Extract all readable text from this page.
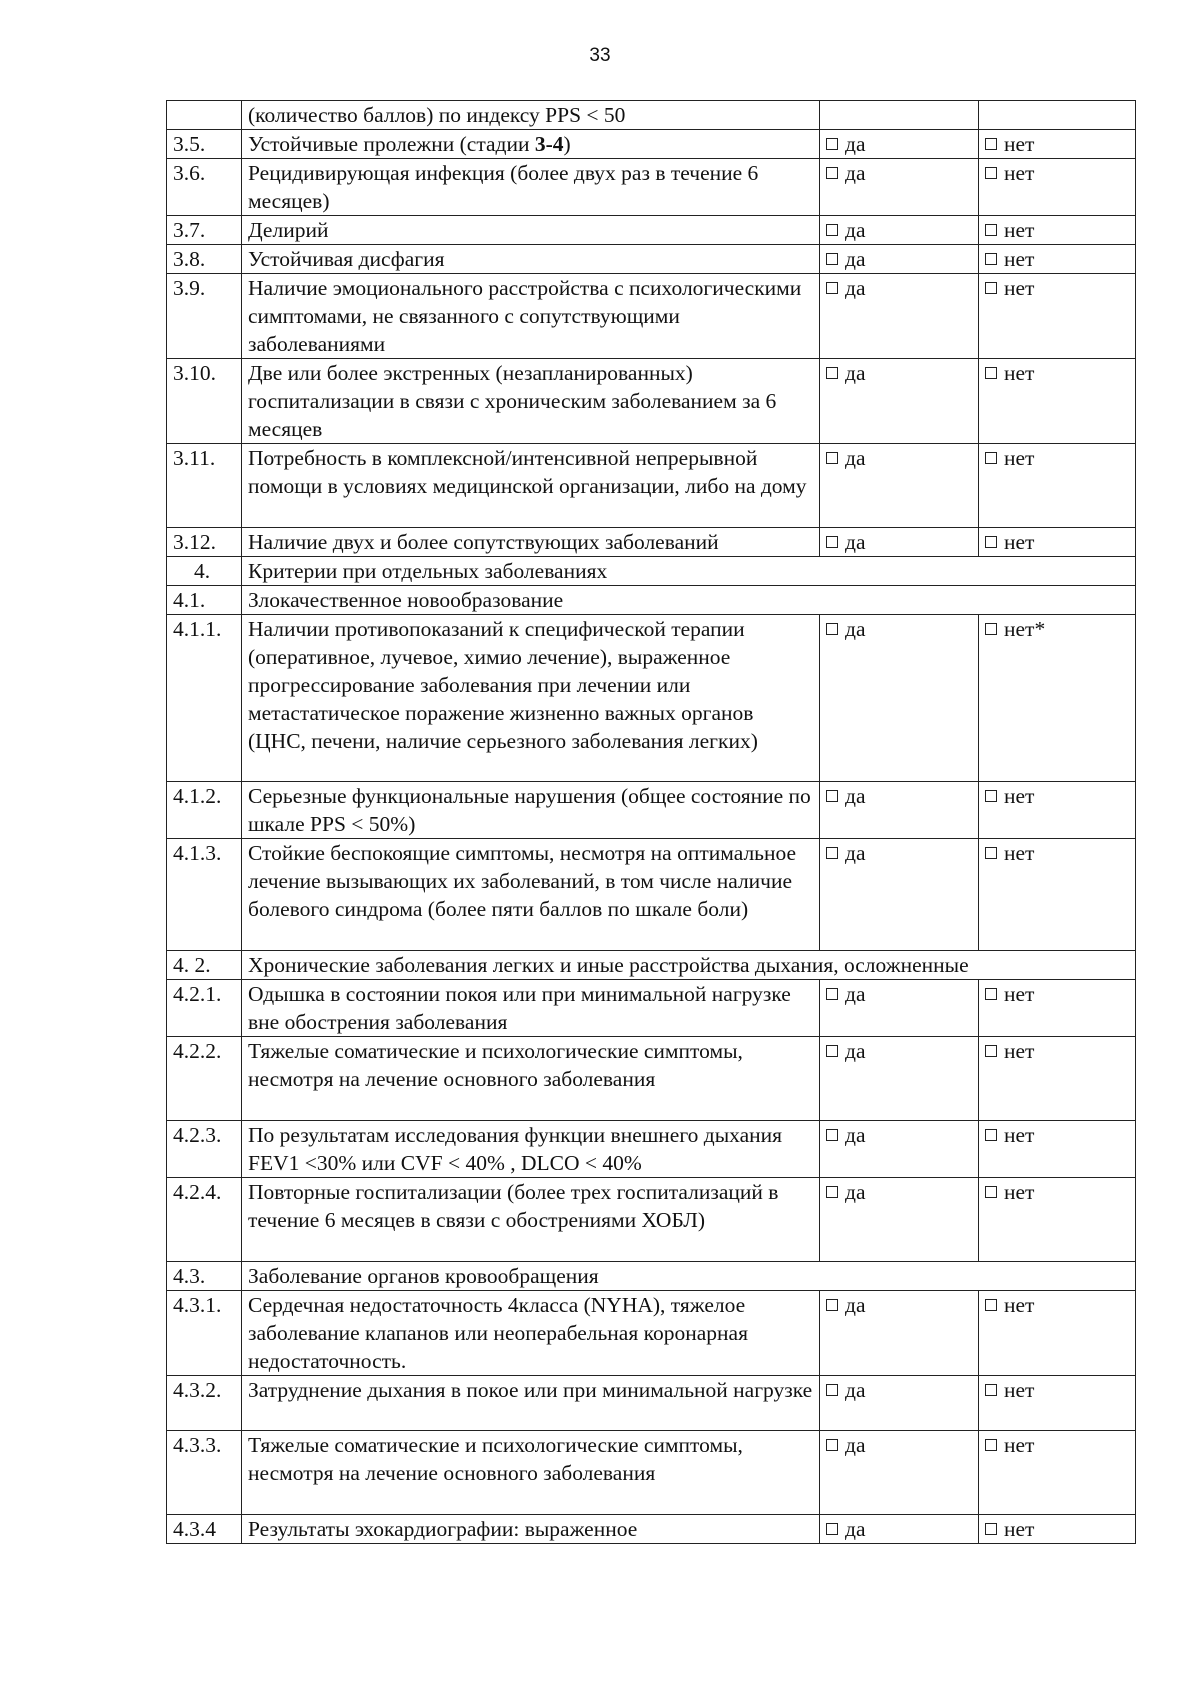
33
	(количество баллов) по индексу PPS < 50		
3.5.	Устойчивые пролежни (стадии 3-4)	да	нет
3.6.	Рецидивирующая инфекция (более двух раз в течение 6 месяцев)	да	нет
3.7.	Делирий	да	нет
3.8.	Устойчивая дисфагия	да	нет
3.9.	Наличие эмоционального расстройства с психологическими симптомами, не связанного с сопутствующими заболеваниями	да	нет
3.10.	Две или более экстренных (незапланированных) госпитализации в связи с хроническим заболеванием за 6 месяцев	да	нет
3.11.	Потребность в комплексной/интенсивной непрерывной помощи в условиях медицинской организации, либо на дому	да	нет
3.12.	Наличие двух и более сопутствующих заболеваний	да	нет
4.	Критерии при отдельных заболеваниях		
4.1.	Злокачественное новообразование		
4.1.1.	Наличии противопоказаний к специфической терапии (оперативное, лучевое, химио лечение), выраженное прогрессирование заболевания при лечении или метастатическое поражение жизненно важных органов (ЦНС, печени, наличие серьезного заболевания легких)	да	нет*
4.1.2.	Серьезные функциональные нарушения (общее состояние по шкале PPS < 50%)	да	нет
4.1.3.	Стойкие беспокоящие симптомы, несмотря на оптимальное лечение вызывающих их заболеваний, в том числе наличие болевого синдрома (более пяти баллов по шкале боли)	да	нет
4. 2.	Хронические заболевания легких и иные расстройства дыхания, осложненные		
4.2.1.	Одышка в состоянии покоя или при минимальной нагрузке вне обострения заболевания	да	нет
4.2.2.	Тяжелые соматические и психологические симптомы, несмотря на лечение основного заболевания	да	нет
4.2.3.	По результатам исследования функции внешнего дыхания FEV1 <30% или CVF < 40% , DLCO < 40%	да	нет
4.2.4.	Повторные госпитализации (более трех госпитализаций в течение 6 месяцев в связи с обострениями ХОБЛ)	да	нет
4.3.	Заболевание органов кровообращения		
4.3.1.	Сердечная недостаточность 4класса (NYHA), тяжелое заболевание клапанов или неоперабельная коронарная недостаточность.	да	нет
4.3.2.	Затруднение дыхания в покое или при минимальной нагрузке	да	нет
4.3.3.	Тяжелые соматические и психологические симптомы, несмотря на лечение основного заболевания	да	нет
4.3.4	Результаты эхокардиографии: выраженное	да	нет
